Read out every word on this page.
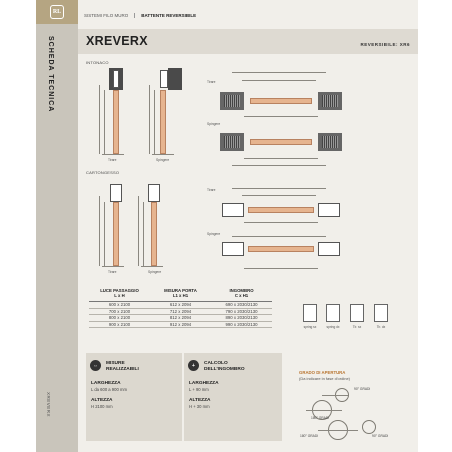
RL
SCHEDA TECNICA
XREVERX
SISTEMI FILO MURO	BATTENTE REVERSIBILE
XREVERX	REVERSIBILE: XR6
INTONACO
Tirare	Spingere
Tirare
Spingere
CARTONGESSO
Tirare	Spingere
Tirare
Spingere
LUCE PASSAGGIO
L x H
MISURA PORTA
L1 x H1
INGOMBRO
C x H1
600 x 2100	612 x 2094	690 x 2030/2130
700 x 2100	712 x 2094	790 x 2030/2130
800 x 2100	812 x 2094	890 x 2030/2130
900 x 2100	912 x 2094	990 x 2030/2130
⇔	MISURE
REALIZZABILI
LARGHEZZA
L da 600 a 900 mm
ALTEZZA
H 2100 mm
+	CALCOLO
DELL'INGOMBRO
LARGHEZZA
L + 90 mm
ALTEZZA
H + 30 mm
spring sx	spring dx	Tir. sx	Tir. dx
GRADO DI APERTURA
(Da indicare in fase d'ordine)
90° GRADI
180° GRADI
180° GRADI	90° GRADI
